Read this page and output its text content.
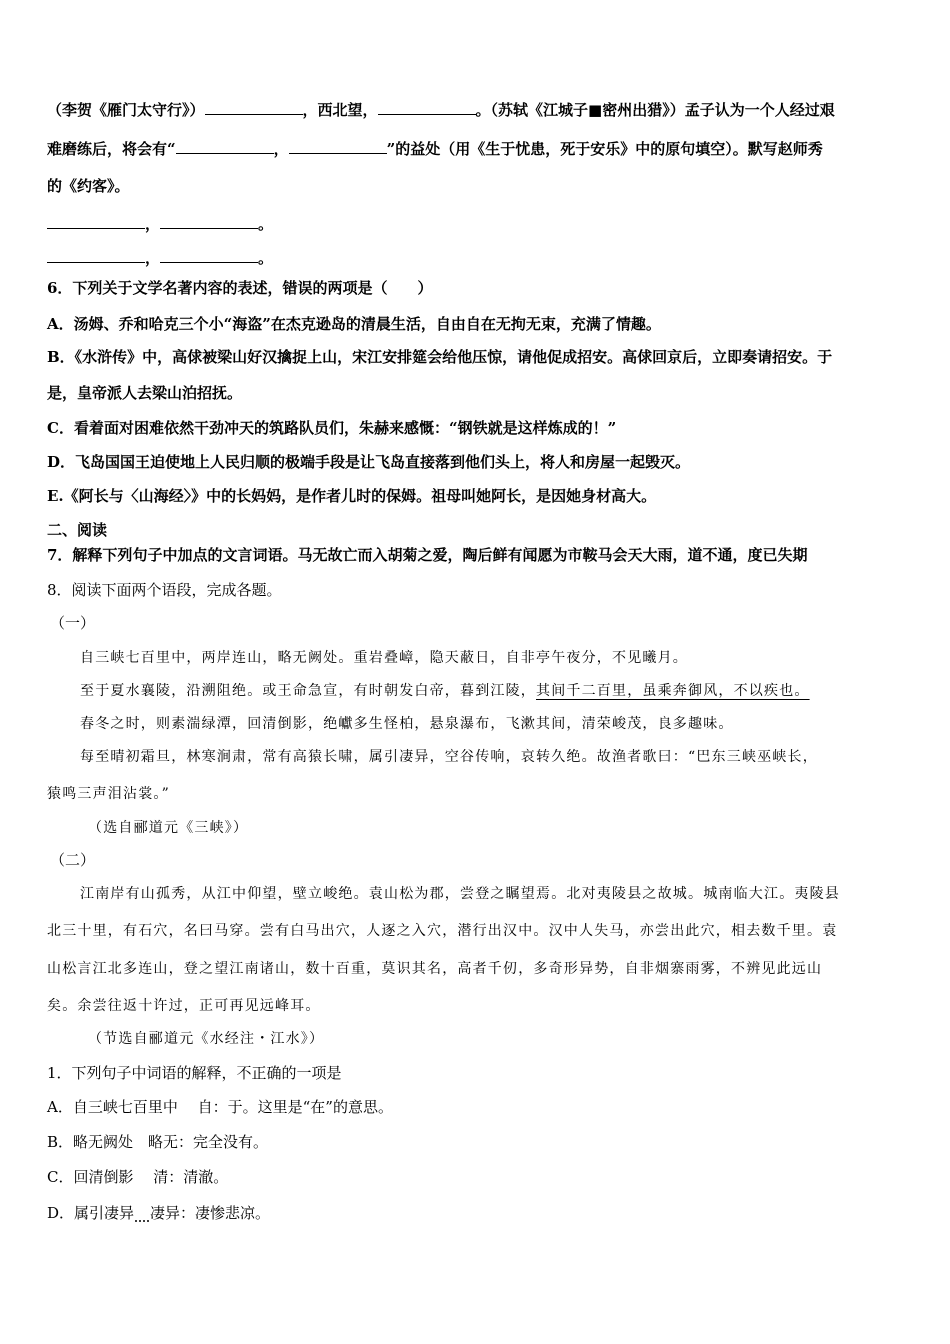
（李贺《雁门太守行》）	，西北望，	。（苏轼《江城子■密州出猎》）孟子认为一个人经过艰
难磨练后，将会有“	，	”的益处（用《生于忧患，死于安乐》中的原句填空）。默写赵师秀
的《约客》。
，	。
，	。
6．下列关于文学名著内容的表述，错误的两项是（　　）
A．汤姆、乔和哈克三个小“海盗”在杰克逊岛的清晨生活，自由自在无拘无束，充满了情趣。
B．《水浒传》中，高俅被梁山好汉擒捉上山，宋江安排筵会给他压惊，请他促成招安。高俅回京后，立即奏请招安。于
是，皇帝派人去梁山泊招抚。
C．看着面对困难依然干劲冲天的筑路队员们，朱赫来感慨：“钢铁就是这样炼成的！”
D．飞岛国国王迫使地上人民归顺的极端手段是让飞岛直接落到他们头上，将人和房屋一起毁灭。
E.《阿长与〈山海经〉》中的长妈妈，是作者儿时的保姆。祖母叫她阿长，是因她身材高大。
二、阅读
7．解释下列句子中加点的文言词语。马无故亡而入胡菊之爱，陶后鲜有闻愿为市鞍马会天大雨，道不通，度已失期
8．阅读下面两个语段，完成各题。
（一）
自三峡七百里中，两岸连山，略无阙处。重岩叠嶂，隐天蔽日，自非亭午夜分，不见曦月。
至于夏水襄陵，沿溯阻绝。或王命急宣，有时朝发白帝，暮到江陵，其间千二百里，虽乘奔御风，不以疾也。
春冬之时，则素湍绿潭，回清倒影，绝巘多生怪柏，悬泉瀑布，飞漱其间，清荣峻茂，良多趣味。
每至晴初霜旦，林寒涧肃，常有高猿长啸，属引凄异，空谷传响，哀转久绝。故渔者歌曰：“巴东三峡巫峡长，
猿鸣三声泪沾裳。”
（选自郦道元《三峡》）
（二）
江南岸有山孤秀，从江中仰望，壁立峻绝。袁山松为郡，尝登之瞩望焉。北对夷陵县之故城。城南临大江。夷陵县
北三十里，有石穴，名曰马穿。尝有白马出穴，人逐之入穴，潜行出汉中。汉中人失马，亦尝出此穴，相去数千里。袁
山松言江北多连山，登之望江南诸山，数十百重，莫识其名，高者千仞，多奇形异势，自非烟寨雨雾，不辨见此远山
矣。余尝往返十许过，正可再见远峰耳。
（节选自郦道元《水经注・江水》）
1．下列句子中词语的解释，不正确的一项是
A．自三峡七百里中　 自：于。这里是“在”的意思。
B．略无阙处　略无：完全没有。
C．回清倒影　 清：清澈。
D．属引凄异 凄异：凄惨悲凉。
